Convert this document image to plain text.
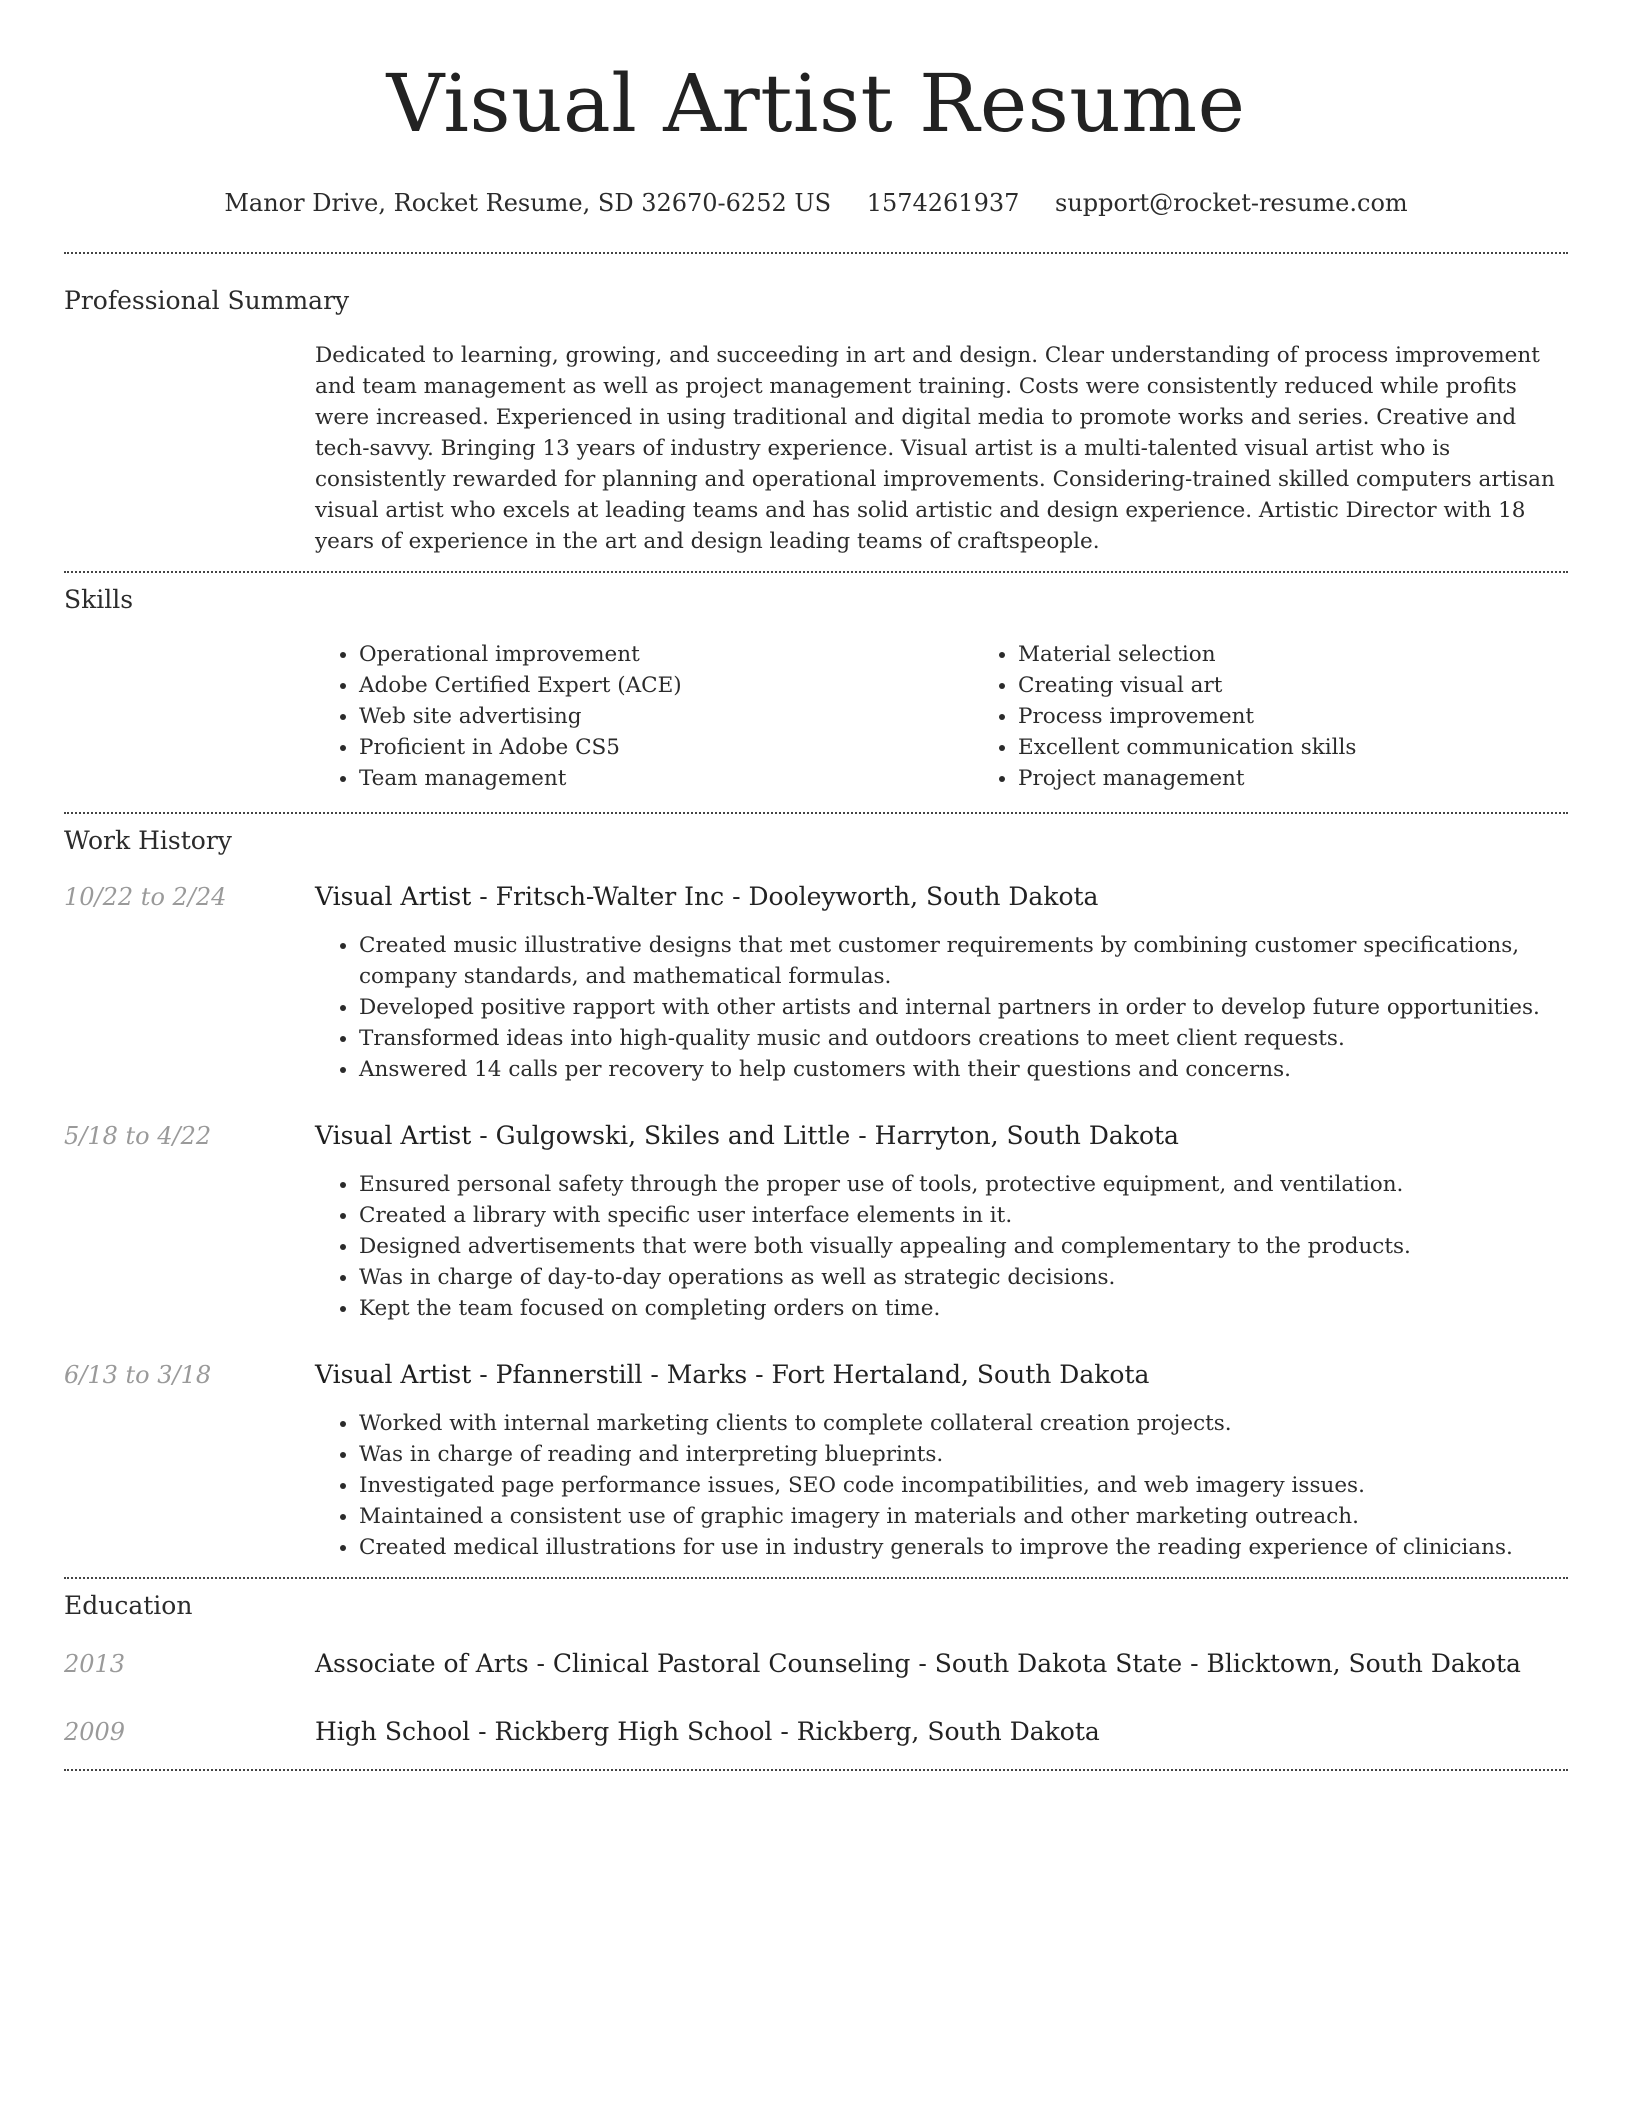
Visual Artist Resume
Manor Drive, Rocket Resume, SD 32670-6252 US 1574261937 support@rocket-resume.com
Professional Summary

Dedicated to learning, growing, and succeeding in art and design. Clear understanding of process improvement and team management as well as project management training. Costs were consistently reduced while profits were increased. Experienced in using traditional and digital media to promote works and series. Creative and tech-savvy. Bringing 13 years of industry experience. Visual artist is a multi-talented visual artist who is consistently rewarded for planning and operational improvements. Considering-trained skilled computers artisan visual artist who excels at leading teams and has solid artistic and design experience. Artistic Director with 18 years of experience in the art and design leading teams of craftspeople.

Skills
• Operational improvement
• Adobe Certified Expert (ACE)
• Web site advertising
• Proficient in Adobe CS5
• Team management
• Material selection
• Creating visual art
• Process improvement
• Excellent communication skills
• Project management
Work History
10/22 to 2/24	Visual Artist - Fritsch-Walter Inc - Dooleyworth, South Dakota
• Created music illustrative designs that met customer requirements by combining customer specifications, company standards, and mathematical formulas.
• Developed positive rapport with other artists and internal partners in order to develop future opportunities.
• Transformed ideas into high-quality music and outdoors creations to meet client requests.
• Answered 14 calls per recovery to help customers with their questions and concerns.
5/18 to 4/22	Visual Artist - Gulgowski, Skiles and Little - Harryton, South Dakota
• Ensured personal safety through the proper use of tools, protective equipment, and ventilation.
• Created a library with specific user interface elements in it.
• Designed advertisements that were both visually appealing and complementary to the products.
• Was in charge of day-to-day operations as well as strategic decisions.
• Kept the team focused on completing orders on time.
6/13 to 3/18	Visual Artist - Pfannerstill - Marks - Fort Hertaland, South Dakota
• Worked with internal marketing clients to complete collateral creation projects.
• Was in charge of reading and interpreting blueprints.
• Investigated page performance issues, SEO code incompatibilities, and web imagery issues.
• Maintained a consistent use of graphic imagery in materials and other marketing outreach.
• Created medical illustrations for use in industry generals to improve the reading experience of clinicians.
Education
2013	Associate of Arts - Clinical Pastoral Counseling - South Dakota State - Blicktown, South Dakota
2009	High School - Rickberg High School - Rickberg, South Dakota
